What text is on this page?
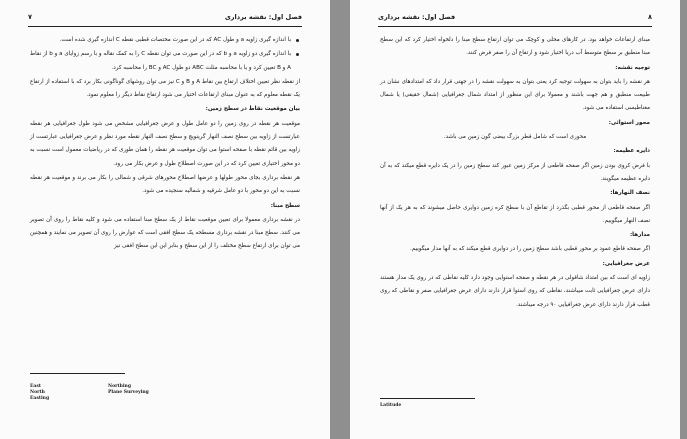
۷	فصل اول: نقشه برداری

با اندازه گیری زاویه a و طول AC که در این صورت مختصات قطبی نقطه C اندازه گیری شده است.

با اندازه گیری دو زاویه a و b که در این صورت می توان نقطه C را به کمک نقاله و با رسم زوایای a و b از نقاط A و B تعیین کرد و یا با محاسبه مثلث ABC دو طول AC و BC را محاسبه کرد.

از نقطه نظر تعیین اختلاف ارتفاع بین نقاط A و B و C نیز می توان روشهای گوناگونی بکار برد که با استفاده از ارتفاع یک نقطه معلوم که به عنوان مبنای ارتفاعات اختیار می شود ارتفاع نقاط دیگر را معلوم نمود.

بیان موقعیت نقاط در سطح زمین:

موقعیت هر نقطه در روی زمین را دو عامل طول و عرض جغرافیایی مشخص می شود طول جغرافیایی هر نقطه عبارتست از زاویه بین سطح نصف النهار گرینویچ و سطح نصف النهار نقطه مورد نظر و عرض جغرافیایی عبارتست از زاویه بین قائم نقطه با صفحه استوا می توان موقعیت هر نقطه را همان طوری که در ریاضیات معمول است نسبت به دو محور اختیاری تعیین کرد که در این صورت اصطلاح طول و عرض بکار می رود.

هر نقطه برداری بجای محور طولها و عرضها اصطلاح محورهای شرقی و شمالی را بکار می برند و موقعیت هر نقطه نسبت به این دو محور با دو عامل شرقیه و شمالیه سنجیده می شود.

سطح مبنا:

در نقشه برداری معمولا برای تعیین موقعیت نقاط از یک سطح مبنا استفاده می شود و کلیه نقاط را روی آن تصویر می کنند. سطح مبنا در نقشه برداری مسطحه یک سطح افقی است که عوارض را روی آن تصویر می نمایند و همچنین می توان برای ارتفاع سطح مختلف را از این سطح و بنابر این این سطح افقی نیز

East
North
Easting
Northing
Plane Surveying
۸
فصل اول: نقشه برداری

مبنای ارتفاعات خواهد بود. در کارهای محلی و کوچک می توان ارتفاع سطح مبنا را دلخواه اختیار کرد که این سطح مبنا منطبق بر سطح متوسط آب دریا اختیار شود و ارتفاع آن را صفر فرض کنند.

توجیه نقشه:

هر نقشه را باید بتوان به سهولت توجیه کرد یعنی بتوان به سهولت نقشه را در جهتی قرار داد که امتدادهای نشان در طبیعت منطبق و هم جهت باشند و معمولا برای این منظور از امتداد شمال جغرافیایی (شمال حقیقی) یا شمال مغناطیسی استفاده می شود.

محور استوائی:

محوری است که شامل قطر بزرگ بیضی گون زمین می باشد.

دایره عظیمه:

با فرض کروی بودن زمین اگر صفحه قاطعی از مرکز زمین عبور کند سطح زمین را در یک دایره قطع میکند که به آن دایره عظیمه میگویند.

نصف النهارها:

اگر صفحه قاطعی از محور قطبی بگذرد از تقاطع آن با سطح کره زمین دوایری حاصل میشوند که به هر یک از آنها نصف النهار میگوییم.

مدارها:

اگر صفحه قاطع عمود بر محور قطبی باشد سطح زمین را در دوایری قطع میکند که به آنها مدار میگوییم.

عرض جغرافیایی:

زاویه ای است که بین امتداد شاقولی در هر نقطه و صفحه استوایی وجود دارد کلیه نقاطی که در روی یک مدار هستند دارای عرض جغرافیایی ثابت میباشند، نقاطی که روی استوا قرار دارند دارای عرض جغرافیایی صفر و نقاطی که روی قطب قرار دارند دارای عرض جغرافیایی ۹۰ درجه میباشند.

Latitude
